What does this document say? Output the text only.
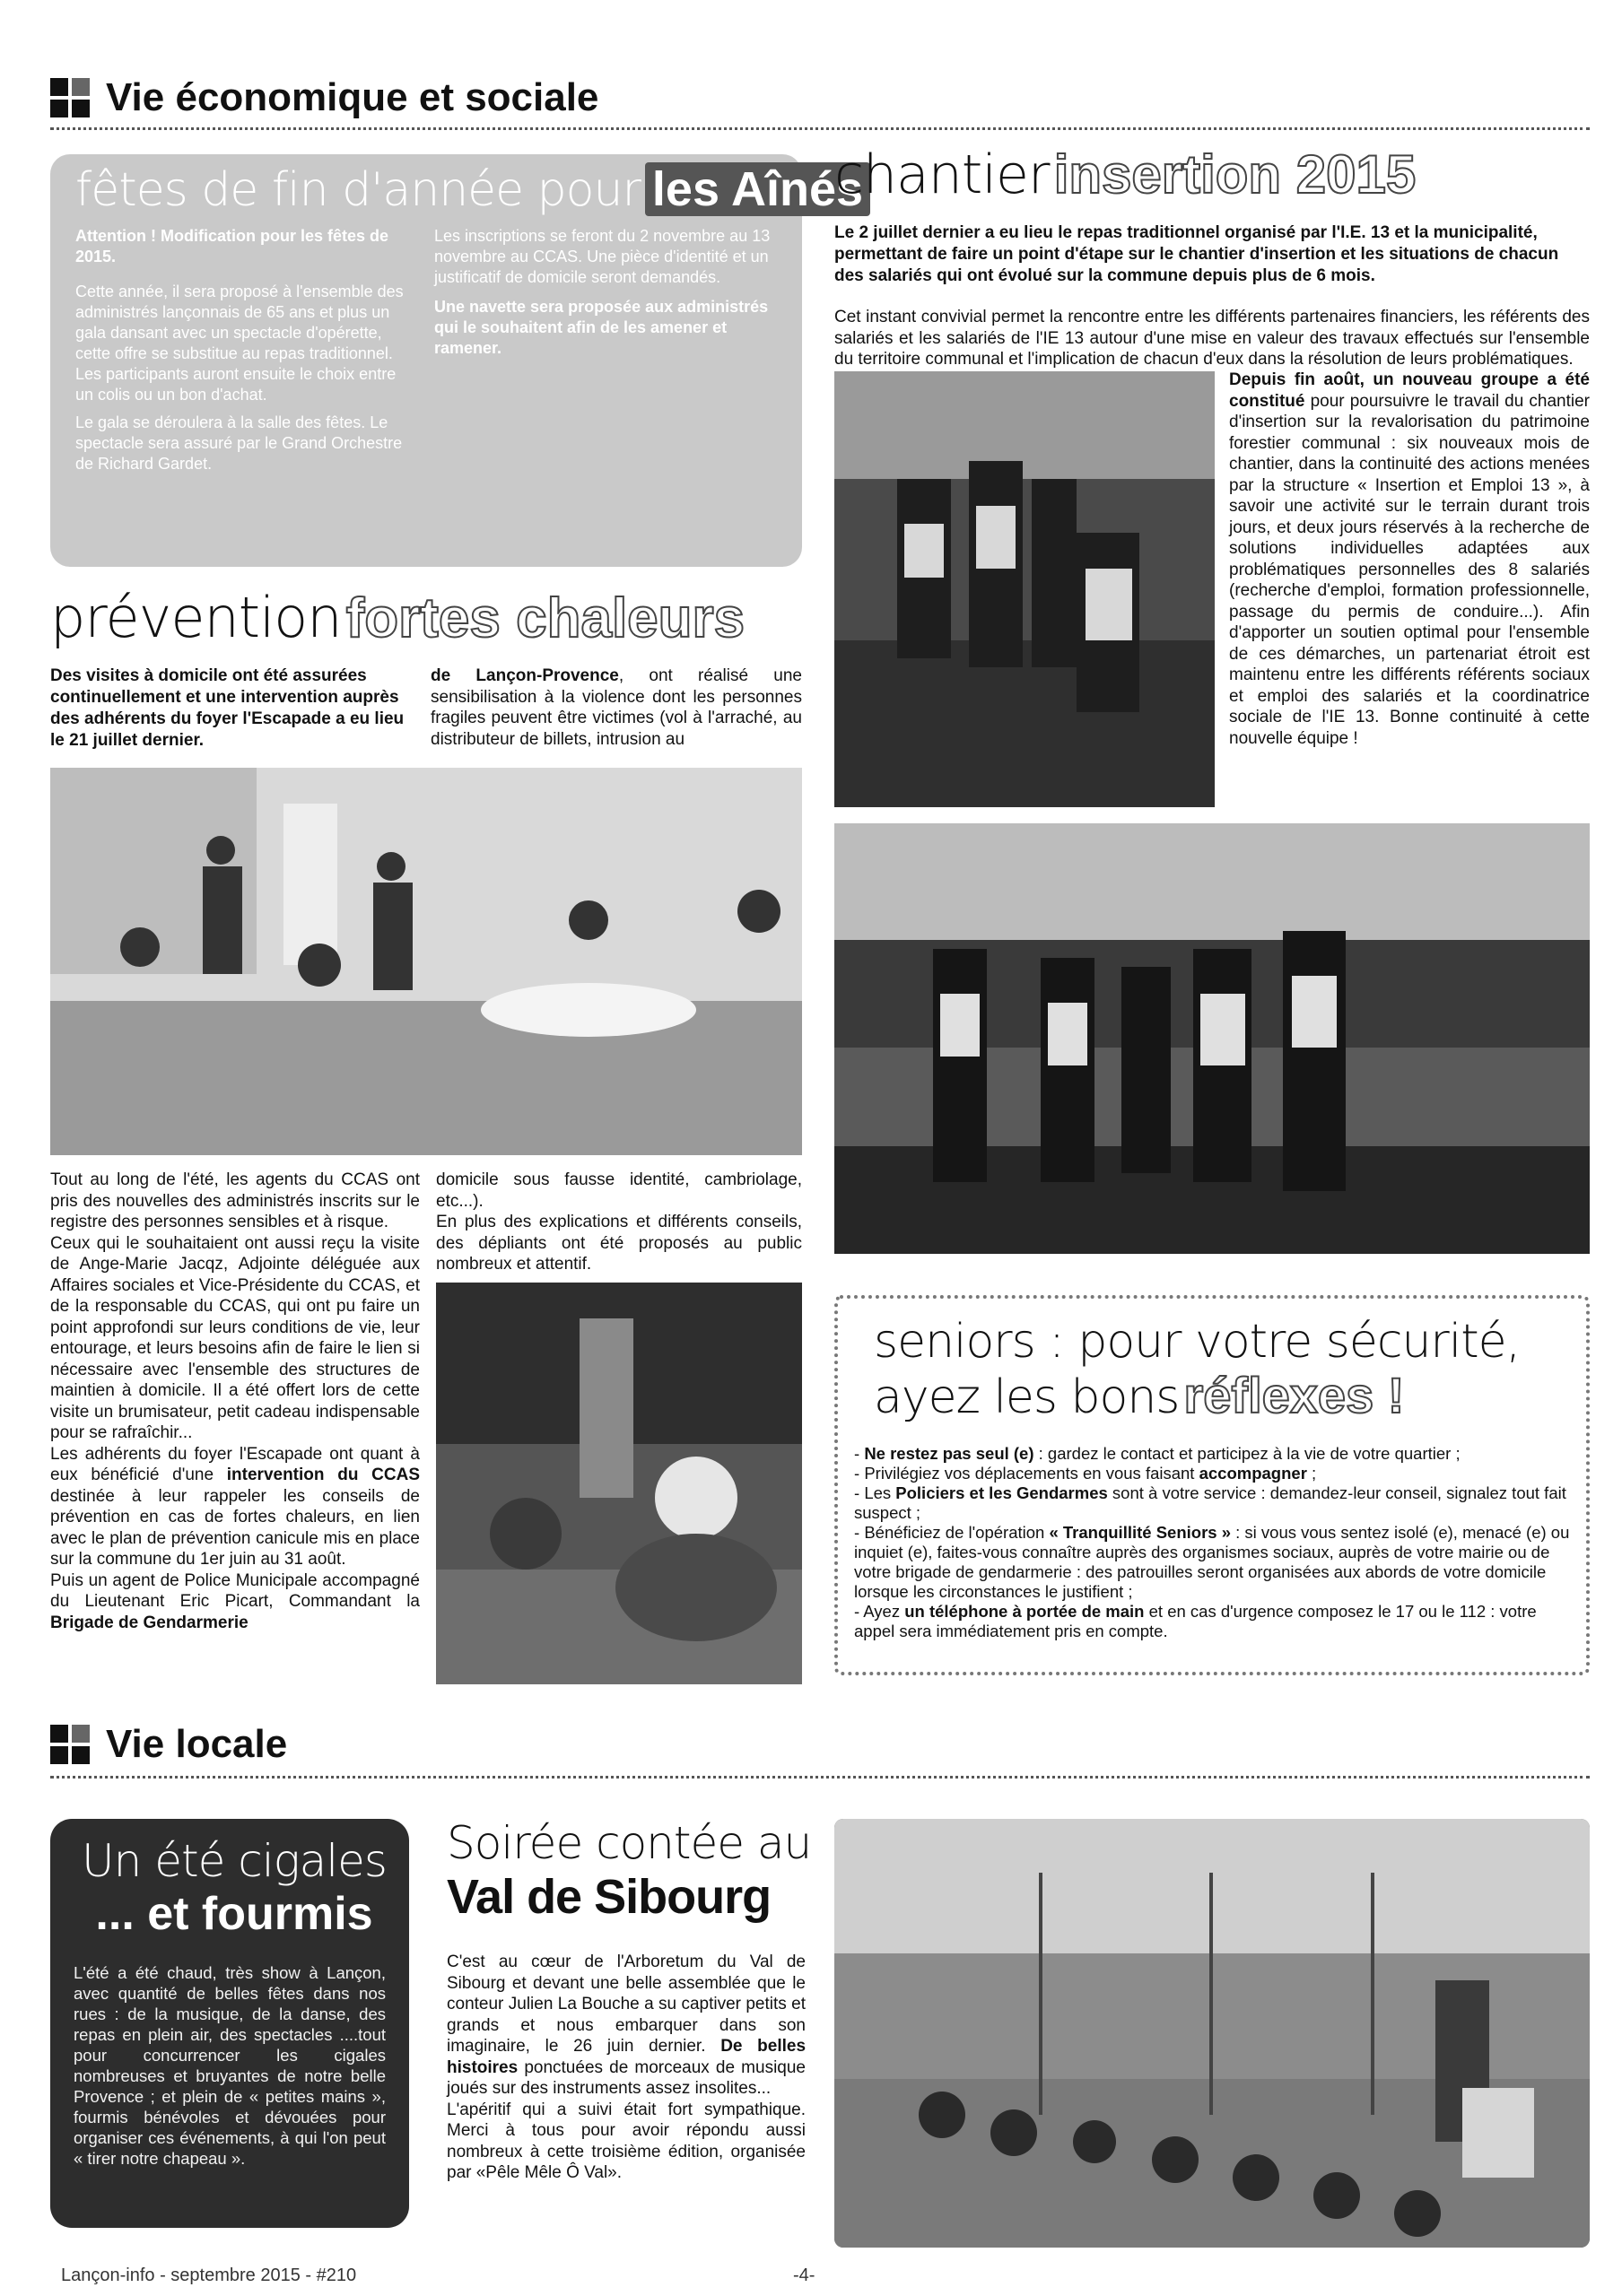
Vie économique et sociale
fêtes de fin d'année pour les Aînés

Attention ! Modification pour les fêtes de 2015.

Cette année, il sera proposé à l'ensemble des administrés lançonnais de 65 ans et plus un gala dansant avec un spectacle d'opérette, cette offre se substitue au repas traditionnel. Les participants auront ensuite le choix entre un colis ou un bon d'achat.

Le gala se déroulera à la salle des fêtes. Le spectacle sera assuré par le Grand Orchestre de Richard Gardet.

Les inscriptions se feront du 2 novembre au 13 novembre au CCAS. Une pièce d'identité et un justificatif de domicile seront demandés.

Une navette sera proposée aux administrés qui le souhaitent afin de les amener et ramener.

chantier insertion 2015
Le 2 juillet dernier a eu lieu le repas traditionnel organisé par l'I.E. 13 et la municipalité, permettant de faire un point d'étape sur le chantier d'insertion et les situations de chacun des salariés qui ont évolué sur la commune depuis plus de 6 mois.
Cet instant convivial permet la rencontre entre les différents partenaires financiers, les référents des salariés et les salariés de l'IE 13 autour d'une mise en valeur des travaux effectués sur l'ensemble du territoire communal et l'implication de chacun d'eux dans la résolution de leurs problématiques.
Depuis fin août, un nouveau groupe a été constitué pour poursuivre le travail du chantier d'insertion sur la revalorisation du patrimoine forestier communal : six nouveaux mois de chantier, dans la continuité des actions menées par la structure « Insertion et Emploi 13 », à savoir une activité sur le terrain durant trois jours, et deux jours réservés à la recherche de solutions individuelles adaptées aux problématiques personnelles des 8 salariés (recherche d'emploi, formation professionnelle, passage du permis de conduire...). Afin d'apporter un soutien optimal pour l'ensemble de ces démarches, un partenariat étroit est maintenu entre les différents référents sociaux et emploi des salariés et la coordinatrice sociale de l'IE 13. Bonne continuité à cette nouvelle équipe !
prévention fortes chaleurs
Des visites à domicile ont été assurées continuellement et une intervention auprès des adhérents du foyer l'Escapade a eu lieu le 21 juillet dernier.
de Lançon-Provence, ont réalisé une sensibilisation à la violence dont les personnes fragiles peuvent être victimes (vol à l'arraché, au distributeur de billets, intrusion au

Tout au long de l'été, les agents du CCAS ont pris des nouvelles des administrés inscrits sur le registre des personnes sensibles et à risque.

Ceux qui le souhaitaient ont aussi reçu la visite de Ange-Marie Jacqz, Adjointe déléguée aux Affaires sociales et Vice-Présidente du CCAS, et de la responsable du CCAS, qui ont pu faire un point approfondi sur leurs conditions de vie, leur entourage, et leurs besoins afin de faire le lien si nécessaire avec l'ensemble des structures de maintien à domicile. Il a été offert lors de cette visite un brumisateur, petit cadeau indispensable pour se rafraîchir...

Les adhérents du foyer l'Escapade ont quant à eux bénéficié d'une intervention du CCAS destinée à leur rappeler les conseils de prévention en cas de fortes chaleurs, en lien avec le plan de prévention canicule mis en place sur la commune du 1er juin au 31 août.

Puis un agent de Police Municipale accompagné du Lieutenant Eric Picart, Commandant la Brigade de Gendarmerie

domicile sous fausse identité, cambriolage, etc...).

En plus des explications et différents conseils, des dépliants ont été proposés au public nombreux et attentif.

seniors : pour votre sécurité,
ayez les bons réflexes !
- Ne restez pas seul (e) : gardez le contact et participez à la vie de votre quartier ;
- Privilégiez vos déplacements en vous faisant accompagner ;
- Les Policiers et les Gendarmes sont à votre service : demandez-leur conseil, signalez tout fait suspect ;
- Bénéficiez de l'opération « Tranquillité Seniors » : si vous vous sentez isolé (e), menacé (e) ou inquiet (e), faites-vous connaître auprès des organismes sociaux, auprès de votre mairie ou de votre brigade de gendarmerie : des patrouilles seront organisées aux abords de votre domicile lorsque les circonstances le justifient ;
- Ayez un téléphone à portée de main et en cas d'urgence composez le 17 ou le 112 : votre appel sera immédiatement pris en compte.
Vie locale
Un été cigales
... et fourmis
L'été a été chaud, très show à Lançon, avec quantité de belles fêtes dans nos rues : de la musique, de la danse, des repas en plein air, des spectacles ....tout pour concurrencer les cigales nombreuses et bruyantes de notre belle Provence ; et plein de « petites mains », fourmis bénévoles et dévouées pour organiser ces événements, à qui l'on peut « tirer notre chapeau ».
Soirée contée au
Val de Sibourg
C'est au cœur de l'Arboretum du Val de Sibourg et devant une belle assemblée que le conteur Julien La Bouche a su captiver petits et grands et nous embarquer dans son imaginaire, le 26 juin dernier. De belles histoires ponctuées de morceaux de musique joués sur des instruments assez insolites...

L'apéritif qui a suivi était fort sympathique. Merci à tous pour avoir répondu aussi nombreux à cette troisième édition, organisée par «Pêle Mêle Ô Val».

Lançon-info - septembre 2015 - #210	-4-
